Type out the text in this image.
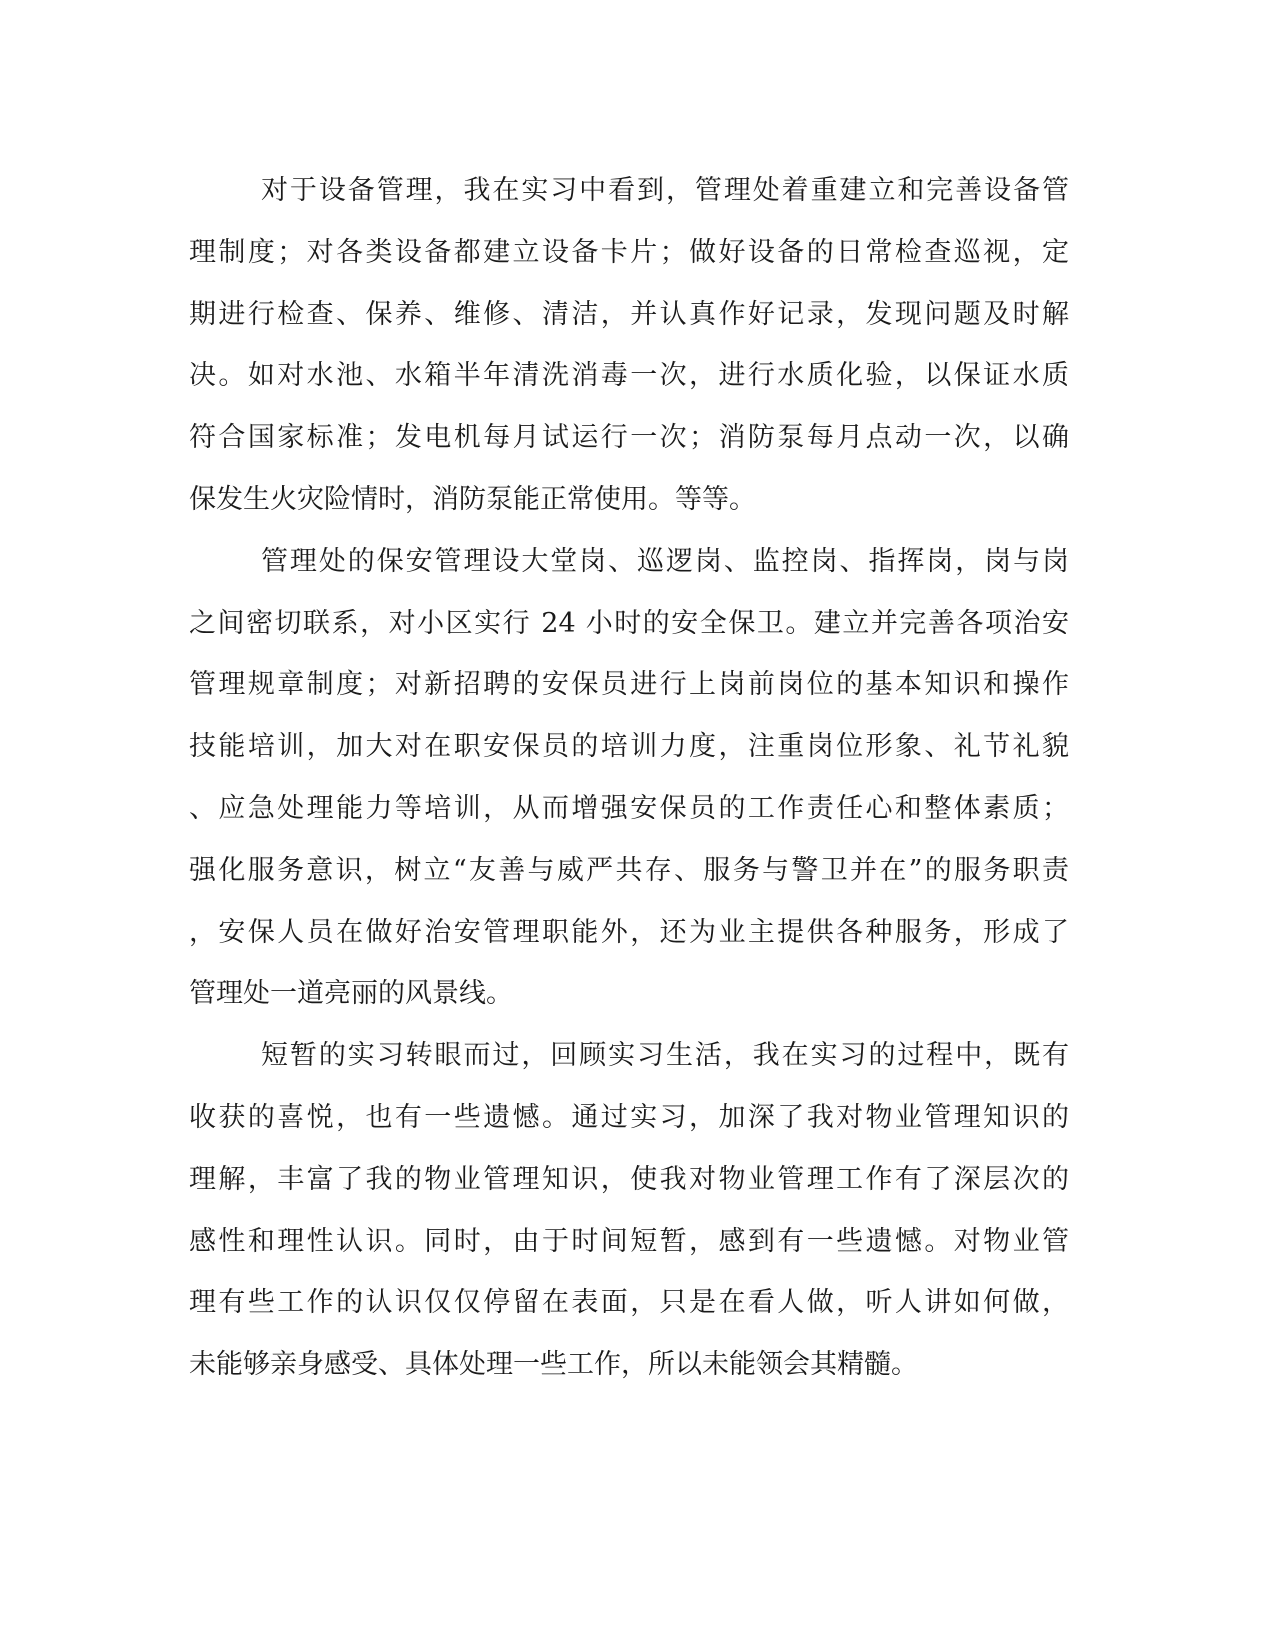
对于设备管理，我在实习中看到，管理处着重建立和完善设备管
理制度；对各类设备都建立设备卡片；做好设备的日常检查巡视，定
期进行检查、保养、维修、清洁，并认真作好记录，发现问题及时解
决。如对水池、水箱半年清洗消毒一次，进行水质化验，以保证水质
符合国家标准；发电机每月试运行一次；消防泵每月点动一次，以确
保发生火灾险情时，消防泵能正常使用。等等。
管理处的保安管理设大堂岗、巡逻岗、监控岗、指挥岗，岗与岗
之间密切联系，对小区实行 24 小时的安全保卫。建立并完善各项治安
管理规章制度；对新招聘的安保员进行上岗前岗位的基本知识和操作
技能培训，加大对在职安保员的培训力度，注重岗位形象、礼节礼貌
、应急处理能力等培训，从而增强安保员的工作责任心和整体素质；
强化服务意识，树立“友善与威严共存、服务与警卫并在”的服务职责
，安保人员在做好治安管理职能外，还为业主提供各种服务，形成了
管理处一道亮丽的风景线。
短暂的实习转眼而过，回顾实习生活，我在实习的过程中，既有
收获的喜悦，也有一些遗憾。通过实习，加深了我对物业管理知识的
理解，丰富了我的物业管理知识，使我对物业管理工作有了深层次的
感性和理性认识。同时，由于时间短暂，感到有一些遗憾。对物业管
理有些工作的认识仅仅停留在表面，只是在看人做，听人讲如何做，
未能够亲身感受、具体处理一些工作，所以未能领会其精髓。
